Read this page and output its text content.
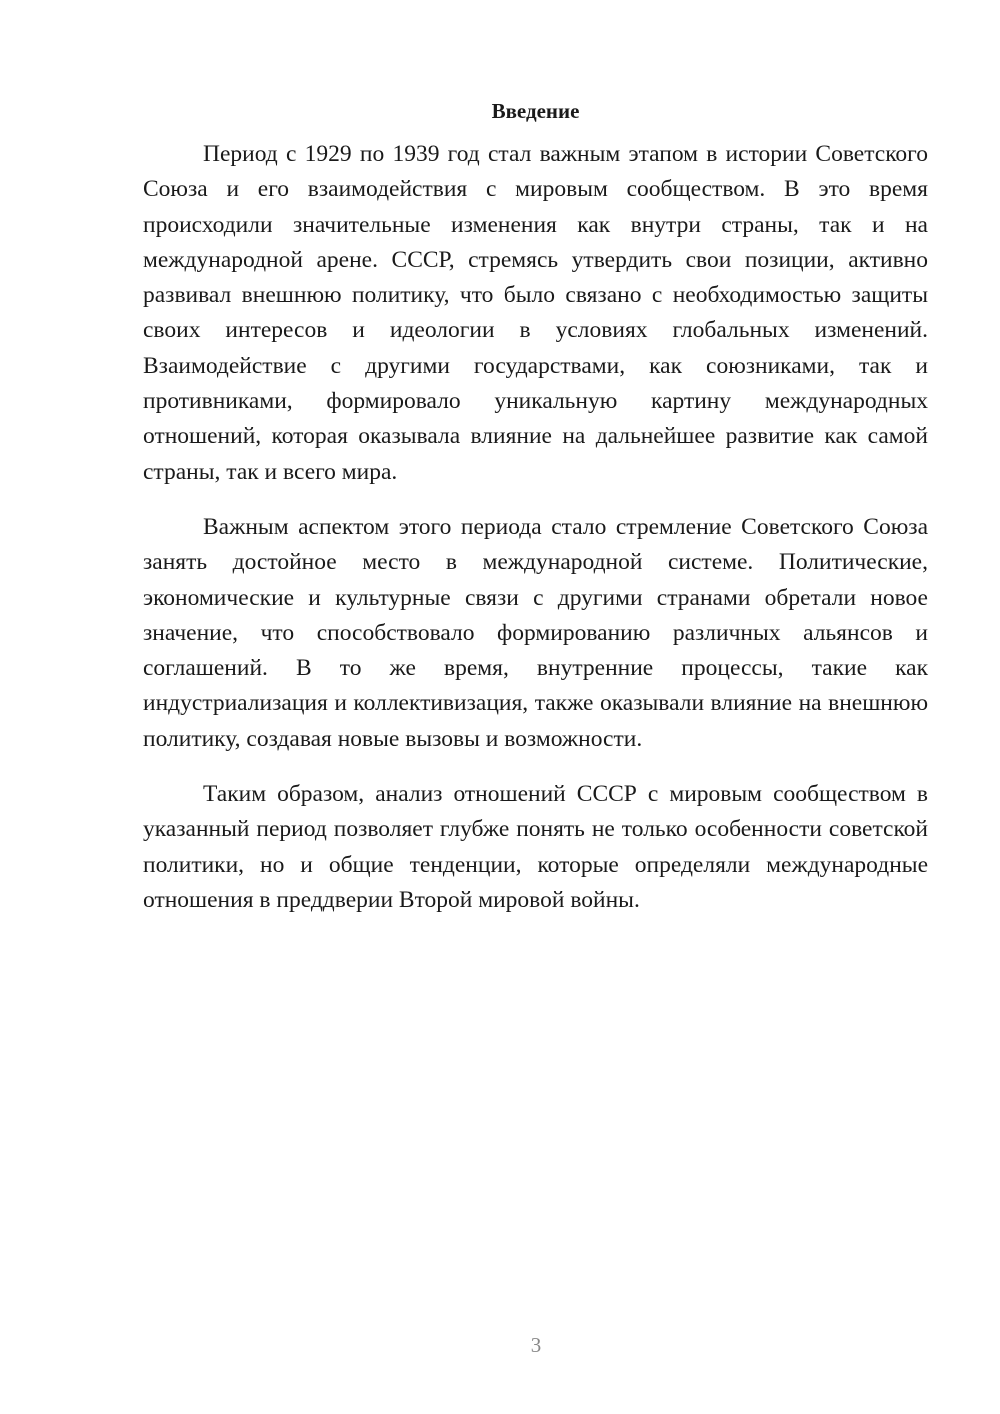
Введение

Период с 1929 по 1939 год стал важным этапом в истории Советского Союза и его взаимодействия с мировым сообществом. В это время происходили значительные изменения как внутри страны, так и на международной арене. СССР, стремясь утвердить свои позиции, активно развивал внешнюю политику, что было связано с необходимостью защиты своих интересов и идеологии в условиях глобальных изменений. Взаимодействие с другими государствами, как союзниками, так и противниками, формировало уникальную картину международных отношений, которая оказывала влияние на дальнейшее развитие как самой страны, так и всего мира.

Важным аспектом этого периода стало стремление Советского Союза занять достойное место в международной системе. Политические, экономические и культурные связи с другими странами обретали новое значение, что способствовало формированию различных альянсов и соглашений. В то же время, внутренние процессы, такие как индустриализация и коллективизация, также оказывали влияние на внешнюю политику, создавая новые вызовы и возможности.

Таким образом, анализ отношений СССР с мировым сообществом в указанный период позволяет глубже понять не только особенности советской политики, но и общие тенденции, которые определяли международные отношения в преддверии Второй мировой войны.

3
